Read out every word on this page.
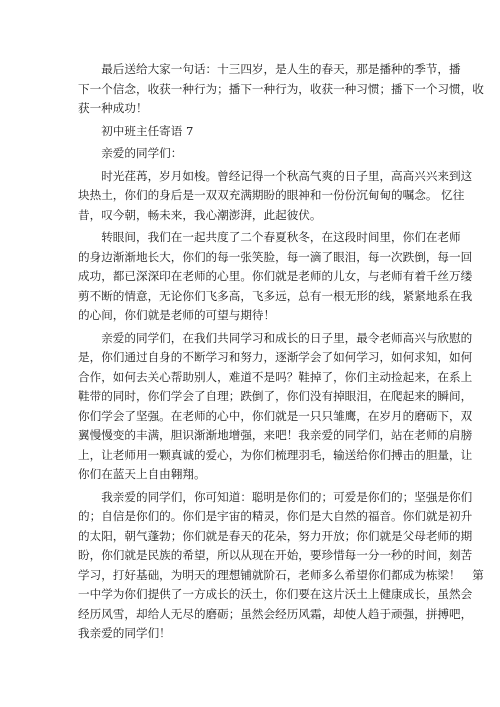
　　最后送给大家一句话：十三四岁，是人生的春天，那是播种的季节，播
下一个信念，收获一种行为；播下一种行为，收获一种习惯；播下一个习惯，收
获一种成功！
　　初中班主任寄语 7
　　亲爱的同学们：
　　时光荏苒，岁月如梭。曾经记得一个秋高气爽的日子里，高高兴兴来到这
块热土，你们的身后是一双双充满期盼的眼神和一份份沉甸甸的嘱念。 忆往
昔，叹今朝，畅未来，我心潮澎湃，此起彼伏。
　　转眼间，我们在一起共度了二个春夏秋冬，在这段时间里，你们在老师
的身边渐渐地长大，你们的每一张笑脸，每一滴了眼泪，每一次跌倒，每一回
成功，都已深深印在老师的心里。你们就是老师的儿女，与老师有着千丝万缕
剪不断的情意，无论你们飞多高，飞多远，总有一根无形的线，紧紧地系在我
的心间，你们就是老师的可望与期待！
　　亲爱的同学们，在我们共同学习和成长的日子里，最令老师高兴与欣慰的
是，你们通过自身的不断学习和努力，逐渐学会了如何学习，如何求知，如何
合作，如何去关心帮助别人，难道不是吗？鞋掉了，你们主动捡起来，在系上
鞋带的同时，你们学会了自理；跌倒了，你们没有掉眼泪，在爬起来的瞬间，
你们学会了坚强。在老师的心中，你们就是一只只雏鹰，在岁月的磨砺下，双
翼慢慢变的丰满，胆识渐渐地增强，来吧！我亲爱的同学们，站在老师的肩膀
上，让老师用一颗真诚的爱心，为你们梳理羽毛，输送给你们搏击的胆量，让
你们在蓝天上自由翱翔。
　　我亲爱的同学们，你可知道：聪明是你们的；可爱是你们的；坚强是你们
的；自信是你们的。你们是宇宙的精灵，你们是大自然的福音。你们就是初升
的太阳，朝气蓬勃；你们就是春天的花朵，努力开放；你们就是父母老师的期
盼，你们就是民族的希望，所以从现在开始，要珍惜每一分一秒的时间，刻苦
学习，打好基础，为明天的理想铺就阶石，老师多么希望你们都成为栋梁！　第
一中学为你们提供了一方成长的沃土，你们要在这片沃土上健康成长，虽然会
经历风雪，却给人无尽的磨砺；虽然会经历风霜，却使人趋于顽强，拼搏吧，
我亲爱的同学们！
